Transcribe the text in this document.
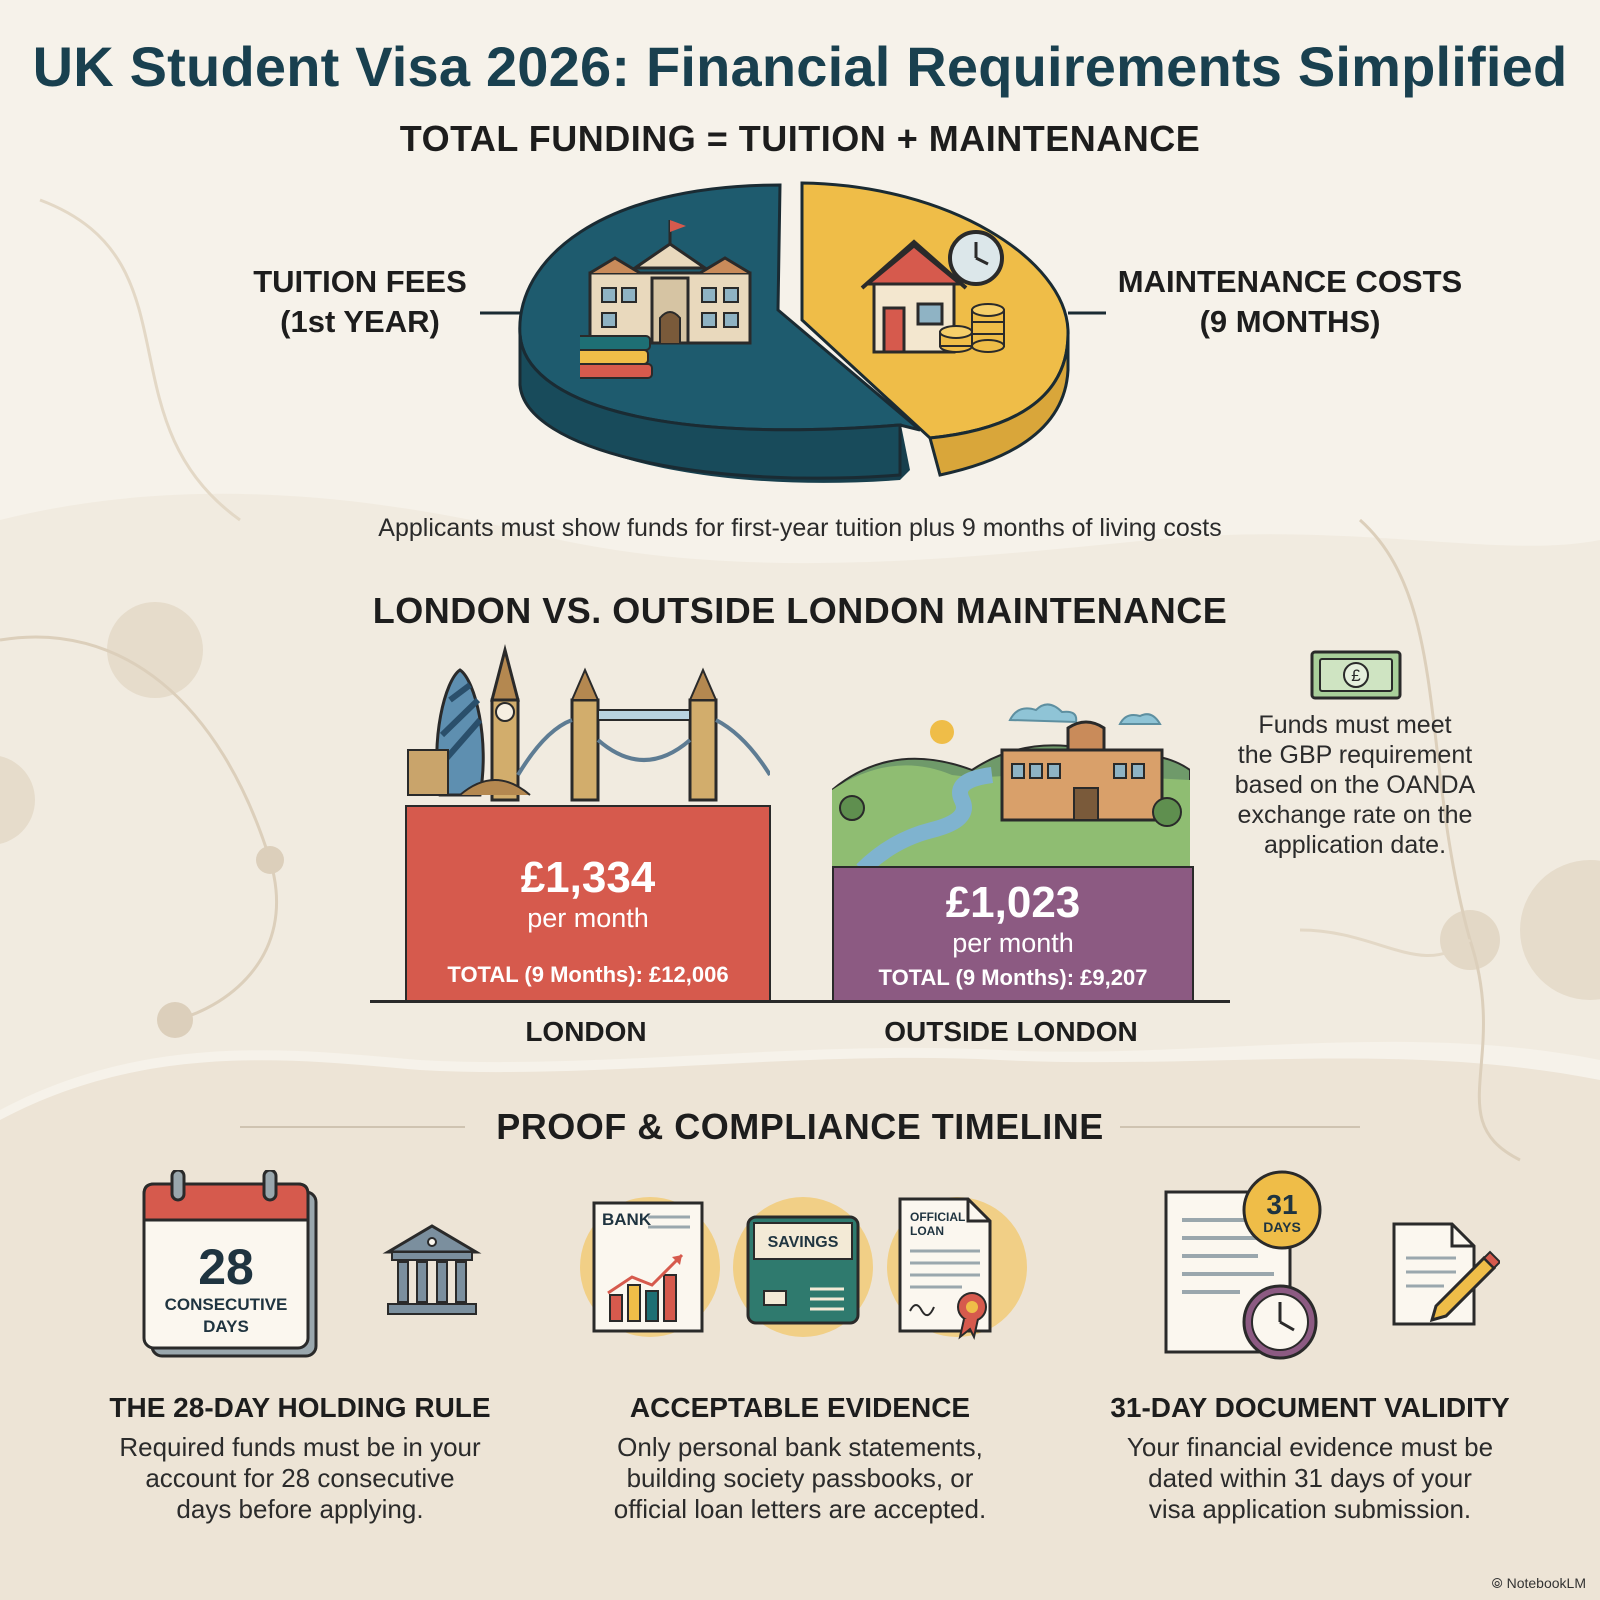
UK Student Visa 2026: Financial Requirements Simplified
TOTAL FUNDING = TUITION + MAINTENANCE
TUITION FEES
(1st YEAR)
MAINTENANCE COSTS
(9 MONTHS)
Applicants must show funds for first-year tuition plus 9 months of living costs
LONDON VS. OUTSIDE LONDON MAINTENANCE
£1,334
per month
TOTAL (9 Months): £12,006
£1,023
per month
TOTAL (9 Months): £9,207
LONDON	OUTSIDE LONDON
£
Funds must meet
the GBP requirement
based on the OANDA
exchange rate on the
application date.
PROOF & COMPLIANCE TIMELINE
28
CONSECUTIVE
DAYS
BANK
SAVINGS
OFFICIAL
LOAN
31
DAYS
THE 28-DAY HOLDING RULE
Required funds must be in your
account for 28 consecutive
days before applying.
ACCEPTABLE EVIDENCE
Only personal bank statements,
building society passbooks, or
official loan letters are accepted.
31-DAY DOCUMENT VALIDITY
Your financial evidence must be
dated within 31 days of your
visa application submission.
⦾ NotebookLM
